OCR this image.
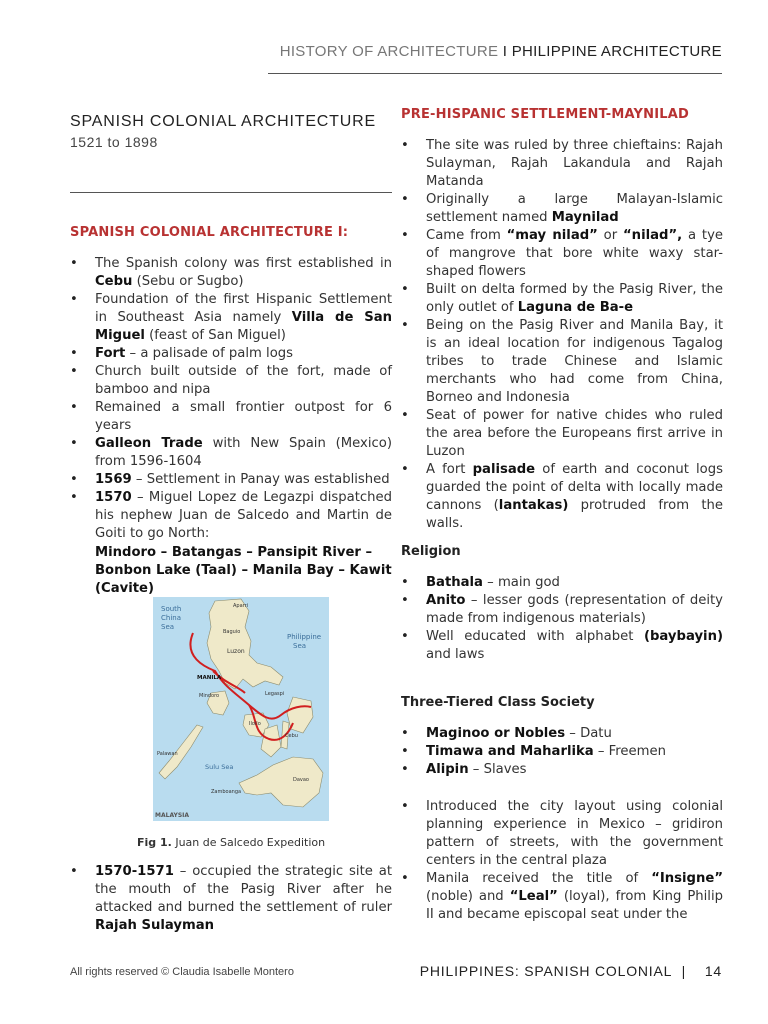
HISTORY OF ARCHITECTURE I PHILIPPINE ARCHITECTURE
SPANISH COLONIAL ARCHITECTURE
1521 to 1898
SPANISH COLONIAL ARCHITECTURE I:
• The Spanish colony was first established in Cebu (Sebu or Sugbo)
• Foundation of the first Hispanic Settlement in Southeast Asia namely Villa de San Miguel (feast of San Miguel)
• Fort – a palisade of palm logs
• Church built outside of the fort, made of bamboo and nipa
• Remained a small frontier outpost for 6 years
• Galleon Trade with New Spain (Mexico) from 1596-1604
• 1569 – Settlement in Panay was established
• 1570 – Miguel Lopez de Legazpi dispatched his nephew Juan de Salcedo and Martin de Goiti to go North:
Mindoro – Batangas – Pansipit River – Bonbon Lake (Taal) – Manila Bay – Kawit (Cavite)
• 1570-1571 – occupied the strategic site at the mouth of the Pasig River after he attacked and burned the settlement of ruler Rajah Sulayman
South
China
Sea
Philippine
Sea
Aparri
Baguio
Luzon
MANILA
Mindoro	Legaspi
Iloilo
Cebu
Palawan
Sulu Sea
Zamboanga
Davao
MALAYSIA
Fig 1. Juan de Salcedo Expedition
PRE-HISPANIC SETTLEMENT-MAYNILAD
• The site was ruled by three chieftains: Rajah Sulayman, Rajah Lakandula and Rajah Matanda
• Originally a large Malayan-Islamic settlement named Maynilad
• Came from “may nilad” or “nilad”, a tye of mangrove that bore white waxy star-shaped flowers
• Built on delta formed by the Pasig River, the only outlet of Laguna de Ba-e
• Being on the Pasig River and Manila Bay, it is an ideal location for indigenous Tagalog tribes to trade Chinese and Islamic merchants who had come from China, Borneo and Indonesia
• Seat of power for native chides who ruled the area before the Europeans first arrive in Luzon
• A fort palisade of earth and coconut logs guarded the point of delta with locally made cannons (lantakas) protruded from the walls.
Religion
• Bathala – main god
• Anito – lesser gods (representation of deity made from indigenous materials)
• Well educated with alphabet (baybayin) and laws
Three-Tiered Class Society
• Maginoo or Nobles – Datu
• Timawa and Maharlika – Freemen
• Alipin – Slaves
• Introduced the city layout using colonial planning experience in Mexico – gridiron pattern of streets, with the government centers in the central plaza
• Manila received the title of “Insigne” (noble) and “Leal” (loyal), from King Philip II and became episcopal seat under the
All rights reserved © Claudia Isabelle Montero	PHILIPPINES: SPANISH COLONIAL | 14
